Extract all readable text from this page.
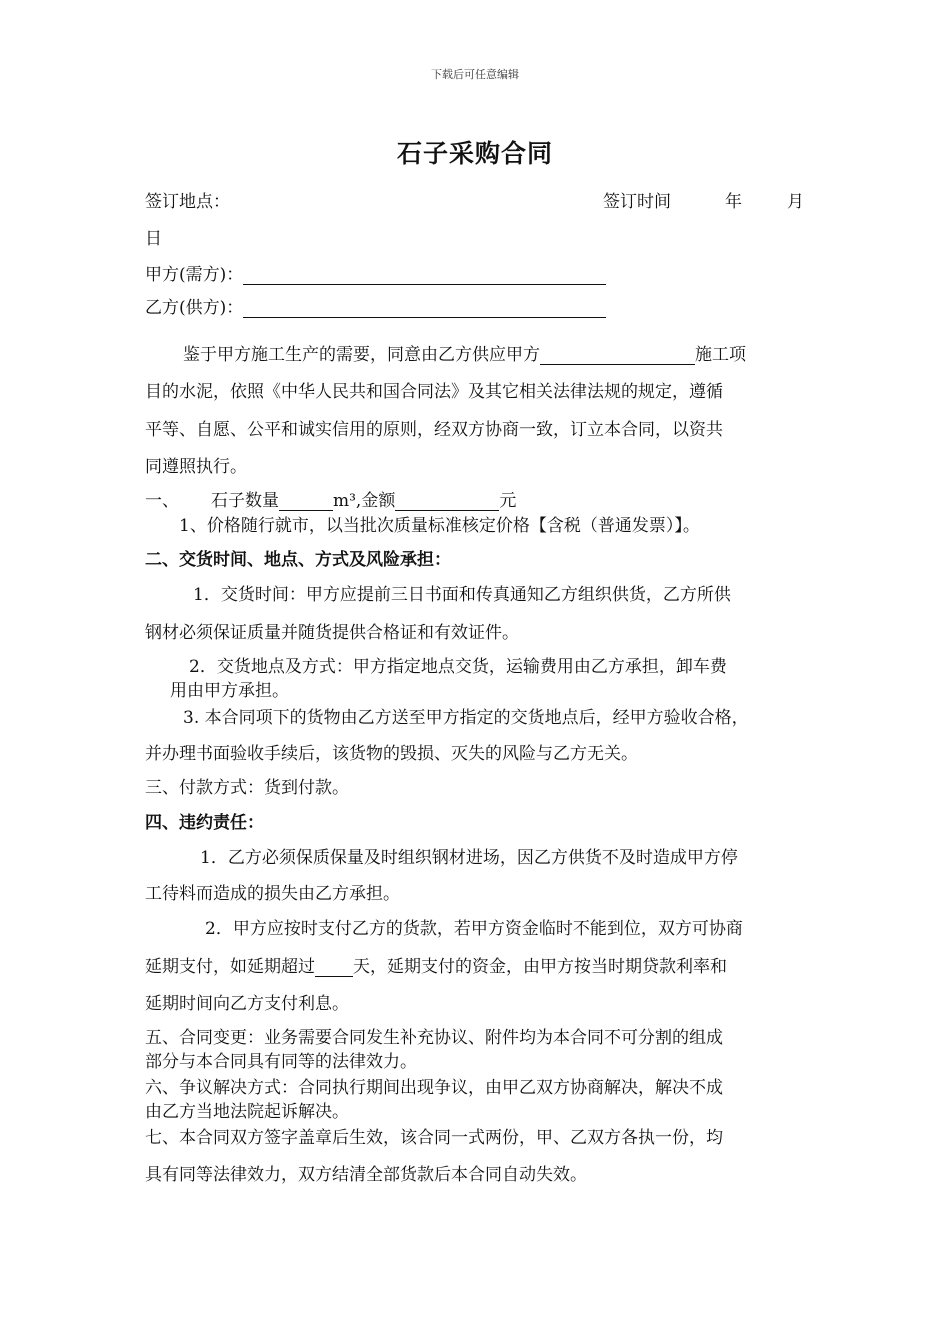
下载后可任意编辑
石子采购合同
签订地点：	签订时间	年	月
日
甲方(需方)：
乙方(供方)：
鉴于甲方施工生产的需要，同意由乙方供应甲方	施工项
目的水泥，依照《中华人民共和国合同法》及其它相关法律法规的规定，遵循
平等、自愿、公平和诚实信用的原则，经双方协商一致，订立本合同，以资共
同遵照执行。
一、 石子数量	m³,金额	元
1、价格随行就市，以当批次质量标准核定价格【含税（普通发票）】。
二、交货时间、地点、方式及风险承担：
1．交货时间：甲方应提前三日书面和传真通知乙方组织供货，乙方所供
钢材必须保证质量并随货提供合格证和有效证件。
2．交货地点及方式：甲方指定地点交货，运输费用由乙方承担，卸车费
用由甲方承担。
3. 本合同项下的货物由乙方送至甲方指定的交货地点后，经甲方验收合格，
并办理书面验收手续后，该货物的毁损、灭失的风险与乙方无关。
三、付款方式：货到付款。
四、违约责任：
1．乙方必须保质保量及时组织钢材进场，因乙方供货不及时造成甲方停
工待料而造成的损失由乙方承担。
2．甲方应按时支付乙方的货款，若甲方资金临时不能到位，双方可协商
延期支付，如延期超过 天，延期支付的资金，由甲方按当时期贷款利率和
延期时间向乙方支付利息。
五、合同变更：业务需要合同发生补充协议、附件均为本合同不可分割的组成
部分与本合同具有同等的法律效力。
六、争议解决方式：合同执行期间出现争议，由甲乙双方协商解决，解决不成
由乙方当地法院起诉解决。
七、本合同双方签字盖章后生效，该合同一式两份，甲、乙双方各执一份，均
具有同等法律效力，双方结清全部货款后本合同自动失效。
